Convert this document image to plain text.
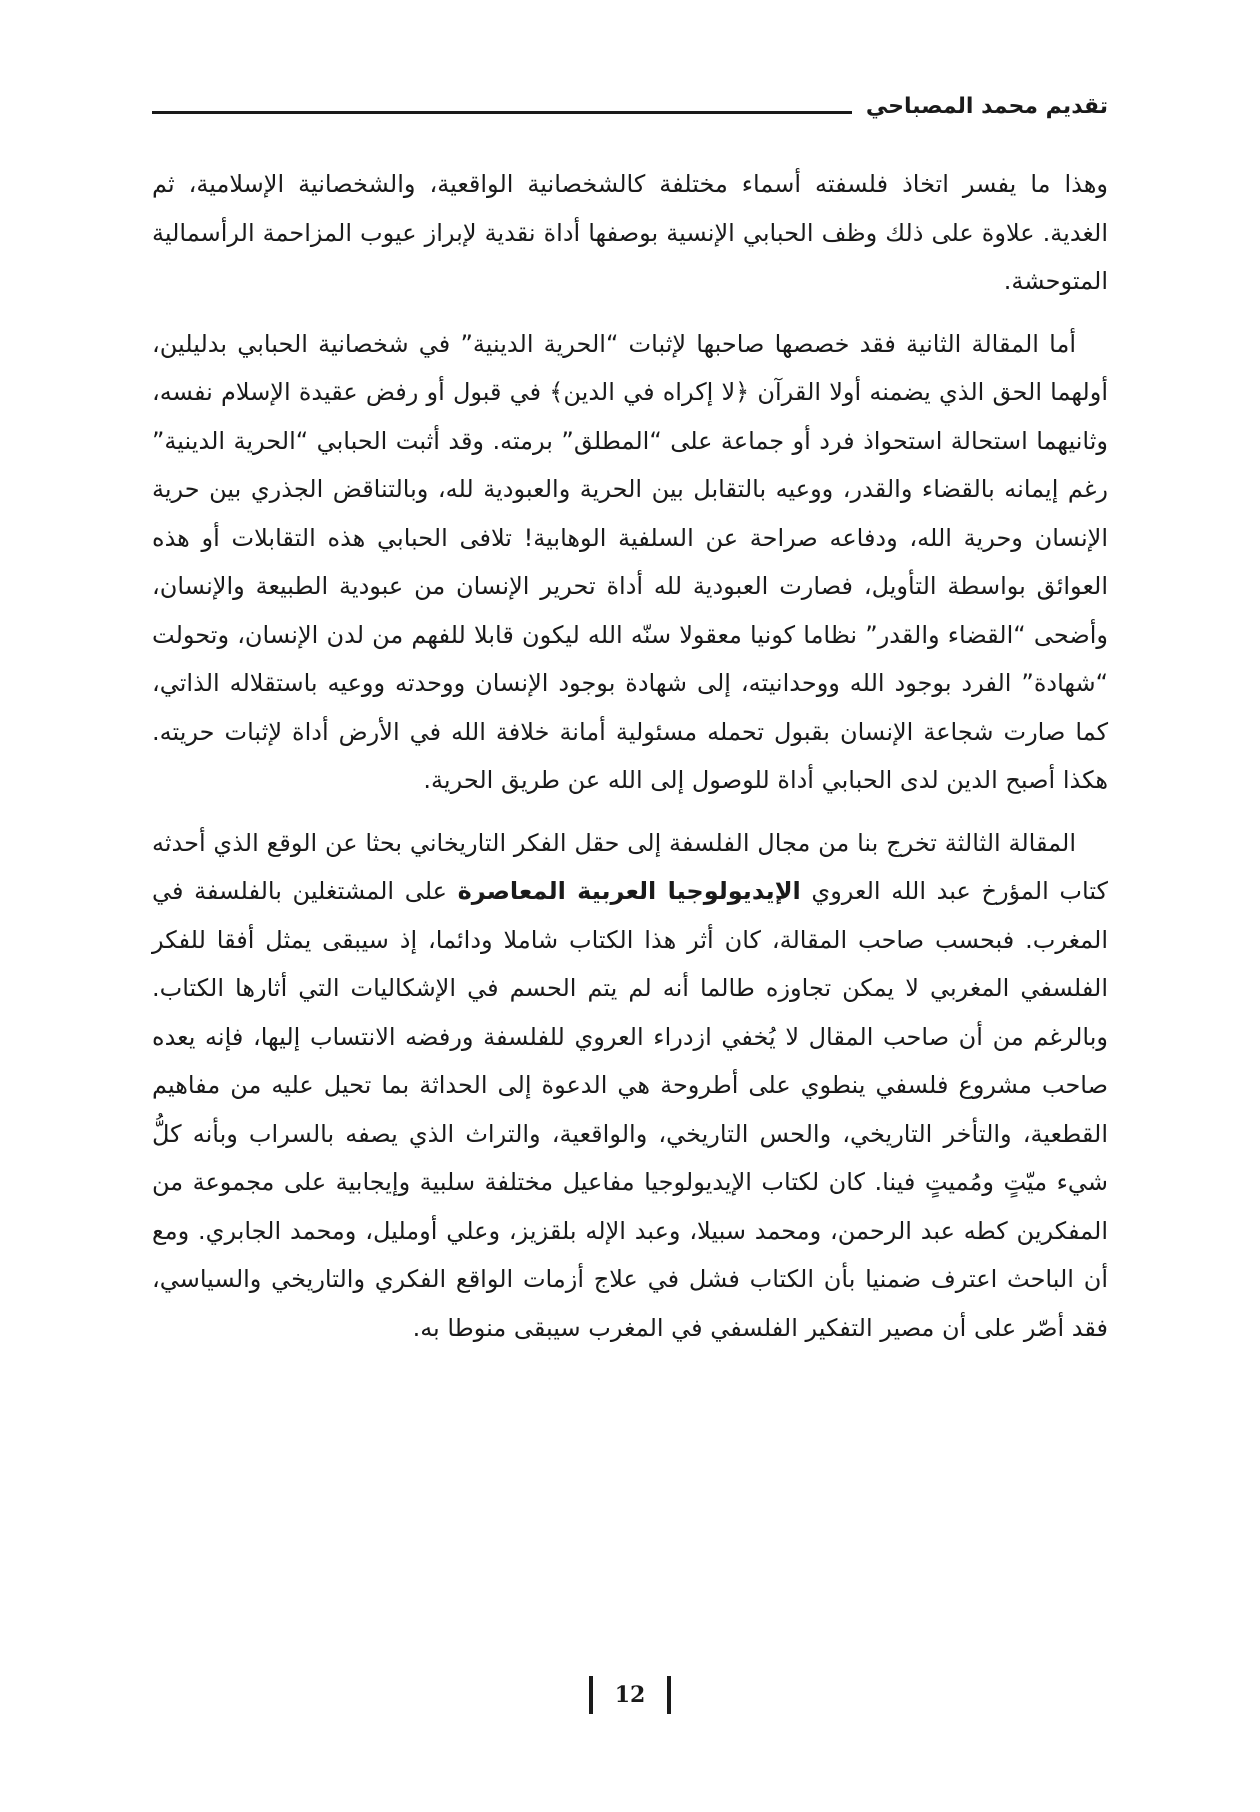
تقديم محمد المصباحي

وهذا ما يفسر اتخاذ فلسفته أسماء مختلفة كالشخصانية الواقعية، والشخصانية الإسلامية، ثم الغدية. علاوة على ذلك وظف الحبابي الإنسية بوصفها أداة نقدية لإبراز عيوب المزاحمة الرأسمالية المتوحشة.

أما المقالة الثانية فقد خصصها صاحبها لإثبات “الحرية الدينية” في شخصانية الحبابي بدليلين، أولهما الحق الذي يضمنه أولا القرآن ﴿لا إكراه في الدين﴾ في قبول أو رفض عقيدة الإسلام نفسه، وثانيهما استحالة استحواذ فرد أو جماعة على “المطلق” برمته. وقد أثبت الحبابي “الحرية الدينية” رغم إيمانه بالقضاء والقدر، ووعيه بالتقابل بين الحرية والعبودية لله، وبالتناقض الجذري بين حرية الإنسان وحرية الله، ودفاعه صراحة عن السلفية الوهابية! تلافى الحبابي هذه التقابلات أو هذه العوائق بواسطة التأويل، فصارت العبودية لله أداة تحرير الإنسان من عبودية الطبيعة والإنسان، وأضحى “القضاء والقدر” نظاما كونيا معقولا سنّه الله ليكون قابلا للفهم من لدن الإنسان، وتحولت “شهادة” الفرد بوجود الله ووحدانيته، إلى شهادة بوجود الإنسان ووحدته ووعيه باستقلاله الذاتي، كما صارت شجاعة الإنسان بقبول تحمله مسئولية أمانة خلافة الله في الأرض أداة لإثبات حريته. هكذا أصبح الدين لدى الحبابي أداة للوصول إلى الله عن طريق الحرية.

المقالة الثالثة تخرج بنا من مجال الفلسفة إلى حقل الفكر التاريخاني بحثا عن الوقع الذي أحدثه كتاب المؤرخ عبد الله العروي الإيديولوجيا العربية المعاصرة على المشتغلين بالفلسفة في المغرب. فبحسب صاحب المقالة، كان أثر هذا الكتاب شاملا ودائما، إذ سيبقى يمثل أفقا للفكر الفلسفي المغربي لا يمكن تجاوزه طالما أنه لم يتم الحسم في الإشكاليات التي أثارها الكتاب. وبالرغم من أن صاحب المقال لا يُخفي ازدراء العروي للفلسفة ورفضه الانتساب إليها، فإنه يعده صاحب مشروع فلسفي ينطوي على أطروحة هي الدعوة إلى الحداثة بما تحيل عليه من مفاهيم القطعية، والتأخر التاريخي، والحس التاريخي، والواقعية، والتراث الذي يصفه بالسراب وبأنه كلُّ شيء ميّتٍ ومُميتٍ فينا. كان لكتاب الإيديولوجيا مفاعيل مختلفة سلبية وإيجابية على مجموعة من المفكرين كطه عبد الرحمن، ومحمد سبيلا، وعبد الإله بلقزيز، وعلي أومليل، ومحمد الجابري. ومع أن الباحث اعترف ضمنيا بأن الكتاب فشل في علاج أزمات الواقع الفكري والتاريخي والسياسي، فقد أصّر على أن مصير التفكير الفلسفي في المغرب سيبقى منوطا به.

12
